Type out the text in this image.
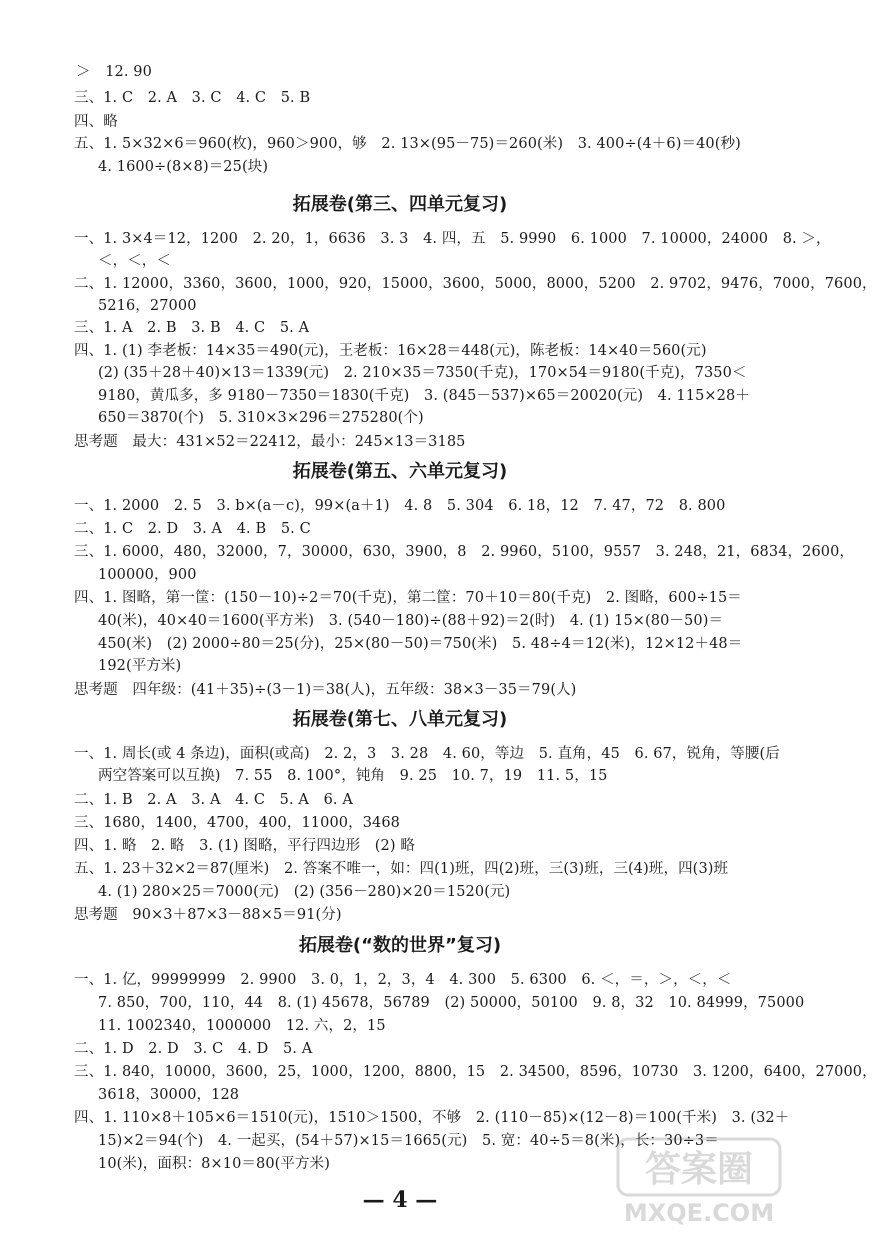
＞　12. 90
三、1. C　2. A　3. C　4. C　5. B
四、略
五、1. 5×32×6＝960(枚)，960＞900，够　2. 13×(95－75)＝260(米)　3. 400÷(4＋6)＝40(秒)
4. 1600÷(8×8)＝25(块)
拓展卷(第三、四单元复习)
一、1. 3×4＝12，1200　2. 20，1，6636　3. 3　4. 四，五　5. 9990　6. 1000　7. 10000，24000　8. ＞，
＜，＜，＜
二、1. 12000，3360，3600，1000，920，15000，3600，5000，8000，5200　2. 9702，9476，7000，7600，
5216，27000
三、1. A　2. B　3. B　4. C　5. A
四、1. (1) 李老板：14×35＝490(元)，王老板：16×28＝448(元)，陈老板：14×40＝560(元)
(2) (35＋28＋40)×13＝1339(元)　2. 210×35＝7350(千克)，170×54＝9180(千克)，7350＜
9180，黄瓜多，多 9180－7350＝1830(千克)　3. (845－537)×65＝20020(元)　4. 115×28＋
650＝3870(个)　5. 310×3×296＝275280(个)
思考题　最大：431×52＝22412，最小：245×13＝3185
拓展卷(第五、六单元复习)
一、1. 2000　2. 5　3. b×(a－c)，99×(a＋1)　4. 8　5. 304　6. 18，12　7. 47，72　8. 800
二、1. C　2. D　3. A　4. B　5. C
三、1. 6000，480，32000，7，30000，630，3900，8　2. 9960，5100，9557　3. 248，21，6834，2600，
100000，900
四、1. 图略，第一筐：(150－10)÷2＝70(千克)，第二筐：70＋10＝80(千克)　2. 图略，600÷15＝
40(米)，40×40＝1600(平方米)　3. (540－180)÷(88＋92)＝2(时)　4. (1) 15×(80－50)＝
450(米)　(2) 2000÷80＝25(分)，25×(80－50)＝750(米)　5. 48÷4＝12(米)，12×12＋48＝
192(平方米)
思考题　四年级：(41＋35)÷(3－1)＝38(人)，五年级：38×3－35＝79(人)
拓展卷(第七、八单元复习)
一、1. 周长(或 4 条边)，面积(或高)　2. 2，3　3. 28　4. 60，等边　5. 直角，45　6. 67，锐角，等腰(后
两空答案可以互换)　7. 55　8. 100°，钝角　9. 25　10. 7，19　11. 5，15
二、1. B　2. A　3. A　4. C　5. A　6. A
三、1680，1400，4700，400，11000，3468
四、1. 略　2. 略　3. (1) 图略，平行四边形　(2) 略
五、1. 23＋32×2＝87(厘米)　2. 答案不唯一，如：四(1)班，四(2)班，三(3)班，三(4)班，四(3)班
4. (1) 280×25＝7000(元)　(2) (356－280)×20＝1520(元)
思考题　90×3＋87×3－88×5＝91(分)
拓展卷(“数的世界”复习)
一、1. 亿，99999999　2. 9900　3. 0，1，2，3，4　4. 300　5. 6300　6. ＜，＝，＞，＜，＜
7. 850，700，110，44　8. (1) 45678，56789　(2) 50000，50100　9. 8，32　10. 84999，75000
11. 1002340，1000000　12. 六，2，15
二、1. D　2. D　3. C　4. D　5. A
三、1. 840，10000，3600，25，1000，1200，8800，15　2. 34500，8596，10730　3. 1200，6400，27000，
3618，30000，128
四、1. 110×8＋105×6＝1510(元)，1510＞1500，不够　2. (110－85)×(12－8)＝100(千米)　3. (32＋
15)×2＝94(个)　4. 一起买，(54＋57)×15＝1665(元)　5. 宽：40÷5＝8(米)，长：30÷3＝
10(米)，面积：8×10＝80(平方米)
— 4 —
答案圈
MXQE.COM
